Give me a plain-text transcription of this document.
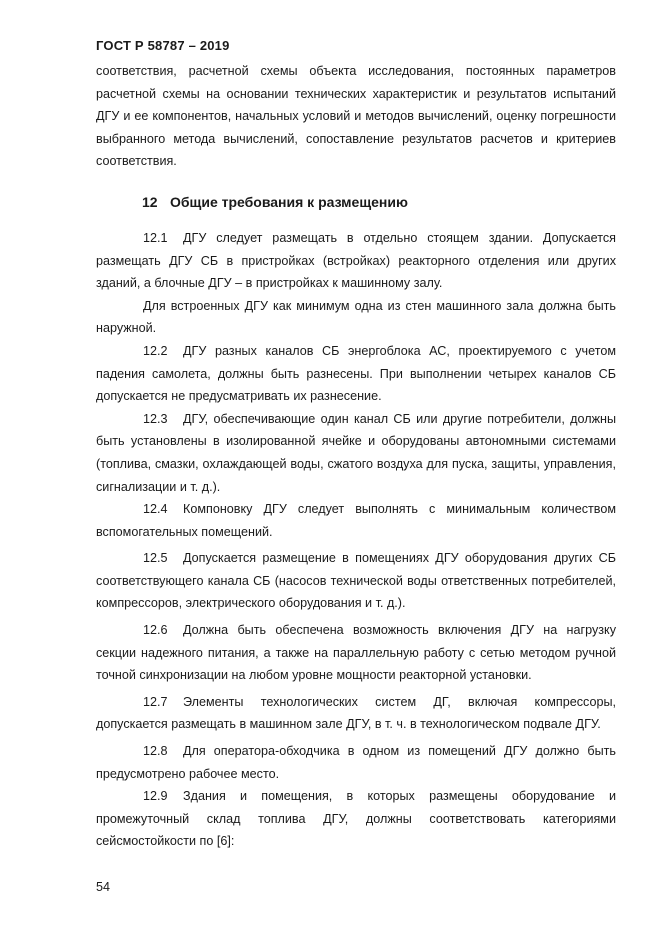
ГОСТ Р 58787 – 2019

соответствия, расчетной схемы объекта исследования, постоянных параметров расчетной схемы на основании технических характеристик и результатов испытаний ДГУ и ее компонентов, начальных условий и методов вычислений, оценку погрешности выбранного метода вычислений, сопоставление результатов расчетов и критериев соответствия.

12 Общие требования к размещению

12.1 ДГУ следует размещать в отдельно стоящем здании. Допускается размещать ДГУ СБ в пристройках (встройках) реакторного отделения или других зданий, а блочные ДГУ – в пристройках к машинному залу.

Для встроенных ДГУ как минимум одна из стен машинного зала должна быть наружной.

12.2 ДГУ разных каналов СБ энергоблока АС, проектируемого с учетом падения самолета, должны быть разнесены. При выполнении четырех каналов СБ допускается не предусматривать их разнесение.

12.3 ДГУ, обеспечивающие один канал СБ или другие потребители, должны быть установлены в изолированной ячейке и оборудованы автономными системами (топлива, смазки, охлаждающей воды, сжатого воздуха для пуска, защиты, управления, сигнализации и т. д.).

12.4 Компоновку ДГУ следует выполнять с минимальным количеством вспомогательных помещений.

12.5 Допускается размещение в помещениях ДГУ оборудования других СБ соответствующего канала СБ (насосов технической воды ответственных потребителей, компрессоров, электрического оборудования и т. д.).

12.6 Должна быть обеспечена возможность включения ДГУ на нагрузку секции надежного питания, а также на параллельную работу с сетью методом ручной точной синхронизации на любом уровне мощности реакторной установки.

12.7 Элементы технологических систем ДГ, включая компрессоры, допускается размещать в машинном зале ДГУ, в т. ч. в технологическом подвале ДГУ.

12.8 Для оператора-обходчика в одном из помещений ДГУ должно быть предусмотрено рабочее место.

12.9 Здания и помещения, в которых размещены оборудование и промежуточный склад топлива ДГУ, должны соответствовать категориями сейсмостойкости по [6]:

54
